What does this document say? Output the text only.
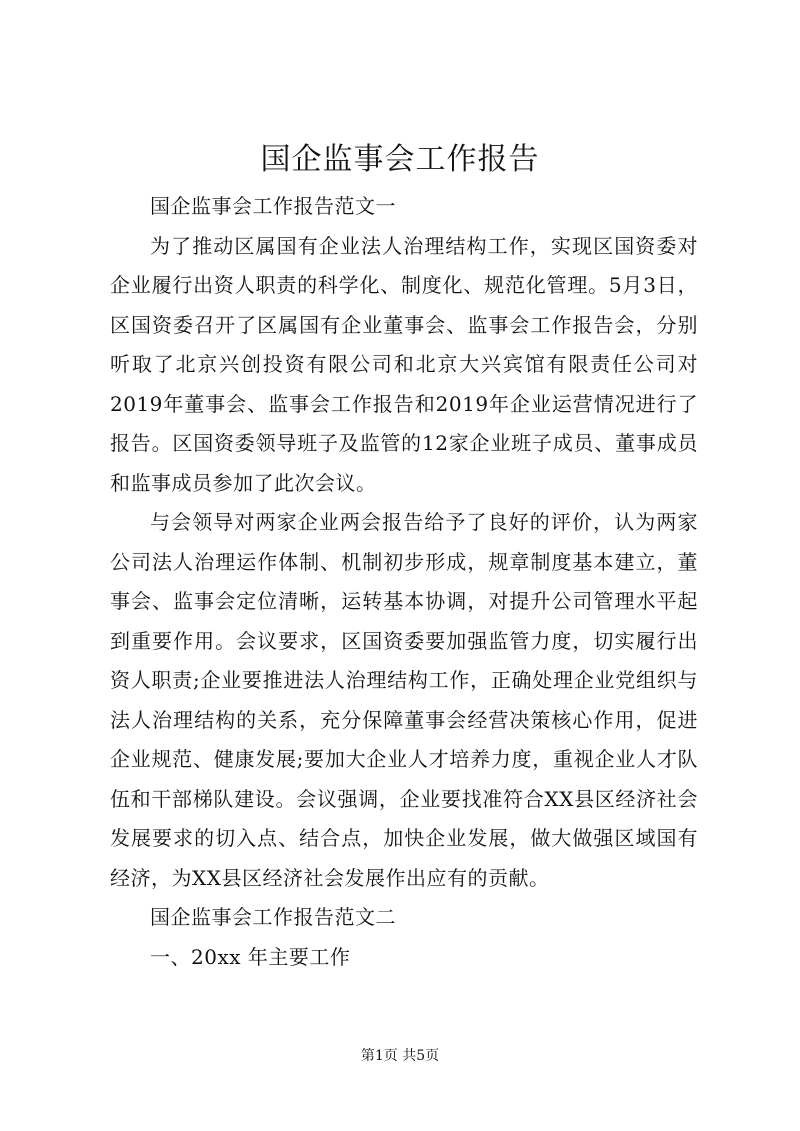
国企监事会工作报告

国企监事会工作报告范文一

为了推动区属国有企业法人治理结构工作，实现区国资委对企业履行出资人职责的科学化、制度化、规范化管理。5月3日，区国资委召开了区属国有企业董事会、监事会工作报告会，分别听取了北京兴创投资有限公司和北京大兴宾馆有限责任公司对2019年董事会、监事会工作报告和2019年企业运营情况进行了报告。区国资委领导班子及监管的12家企业班子成员、董事成员和监事成员参加了此次会议。

与会领导对两家企业两会报告给予了良好的评价，认为两家公司法人治理运作体制、机制初步形成，规章制度基本建立，董事会、监事会定位清晰，运转基本协调，对提升公司管理水平起到重要作用。会议要求，区国资委要加强监管力度，切实履行出资人职责;企业要推进法人治理结构工作，正确处理企业党组织与法人治理结构的关系，充分保障董事会经营决策核心作用，促进企业规范、健康发展;要加大企业人才培养力度，重视企业人才队伍和干部梯队建设。会议强调，企业要找准符合XX县区经济社会发展要求的切入点、结合点，加快企业发展，做大做强区域国有经济，为XX县区经济社会发展作出应有的贡献。

国企监事会工作报告范文二

一、20xx 年主要工作

第1页 共5页
